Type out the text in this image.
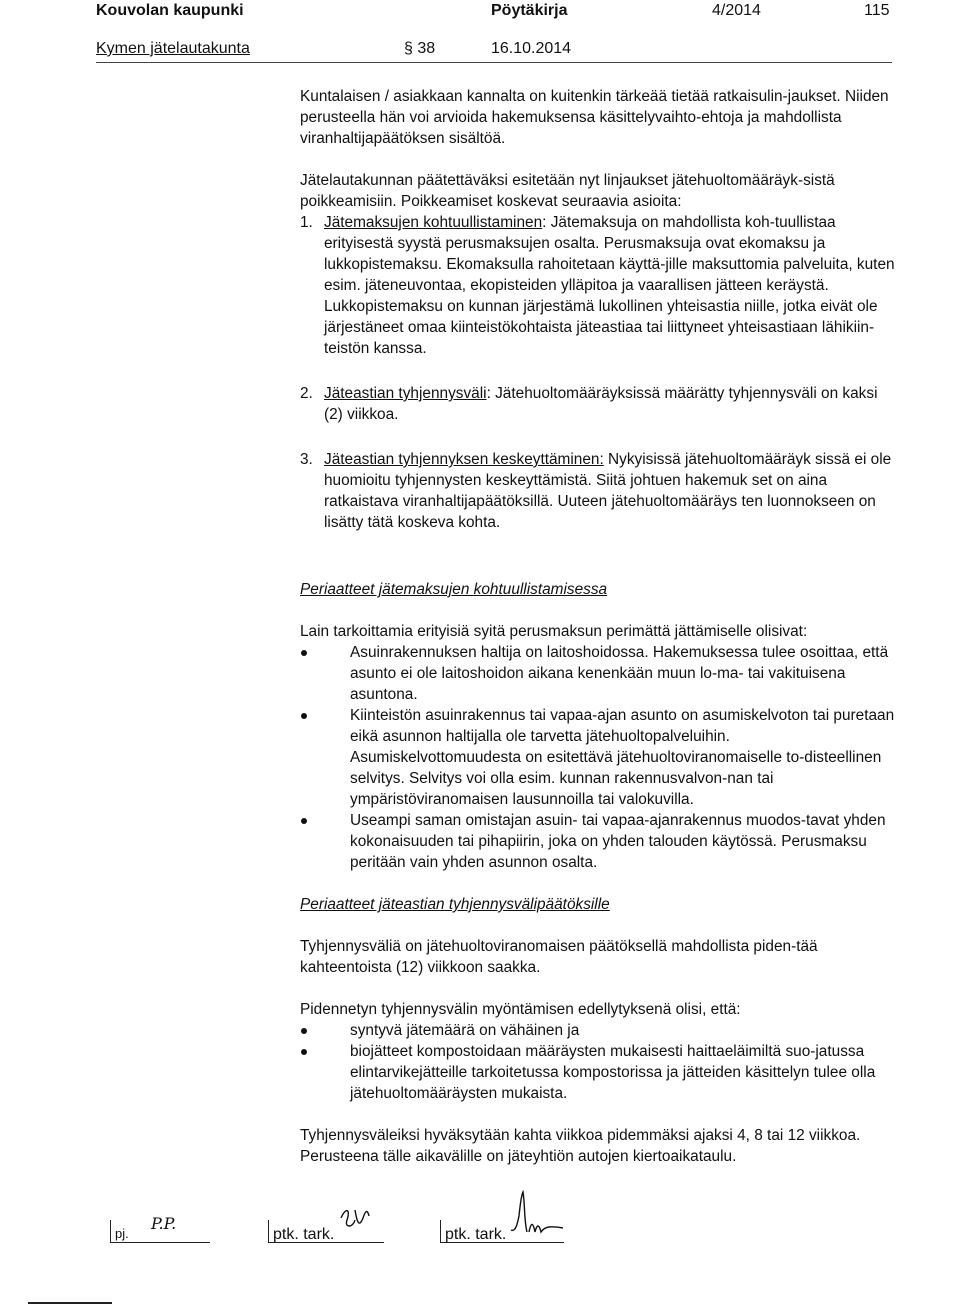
Kouvolan kaupunki	Pöytäkirja	4/2014	115
Kymen jätelautakunta	§ 38	16.10.2014

Kuntalaisen / asiakkaan kannalta on kuitenkin tärkeää tietää ratkaisulin-jaukset. Niiden perusteella hän voi arvioida hakemuksensa käsittelyvaihto-ehtoja ja mahdollista viranhaltijapäätöksen sisältöä.

Jätelautakunnan päätettäväksi esitetään nyt linjaukset jätehuoltomääräyk-sistä poikkeamisiin. Poikkeamiset koskevat seuraavia asioita:

1. Jätemaksujen kohtuullistaminen: Jätemaksuja on mahdollista koh-tuullistaa erityisestä syystä perusmaksujen osalta. Perusmaksuja ovat ekomaksu ja lukkopistemaksu. Ekomaksulla rahoitetaan käyttä-jille maksuttomia palveluita, kuten esim. jäteneuvontaa, ekopisteiden ylläpitoa ja vaarallisen jätteen keräystä. Lukkopistemaksu on kunnan järjestämä lukollinen yhteisastia niille, jotka eivät ole järjestäneet omaa kiinteistökohtaista jäteastiaa tai liittyneet yhteisastiaan lähikiin-teistön kanssa.
2. Jäteastian tyhjennysväli: Jätehuoltomääräyksissä määrätty tyhjennysväli on kaksi (2) viikkoa.
3. Jäteastian tyhjennyksen keskeyttäminen: Nykyisissä jätehuoltomääräyk sissä ei ole huomioitu tyhjennysten keskeyttämistä. Siitä johtuen hakemuk set on aina ratkaistava viranhaltijapäätöksillä. Uuteen jätehuoltomääräys ten luonnokseen on lisätty tätä koskeva kohta.

Periaatteet jätemaksujen kohtuullistamisessa

Lain tarkoittamia erityisiä syitä perusmaksun perimättä jättämiselle olisivat:

Asuinrakennuksen haltija on laitoshoidossa. Hakemuksessa tulee osoittaa, että asunto ei ole laitoshoidon aikana kenenkään muun lo-ma- tai vakituisena asuntona.
Kiinteistön asuinrakennus tai vapaa-ajan asunto on asumiskelvoton tai puretaan eikä asunnon haltijalla ole tarvetta jätehuoltopalveluihin. Asumiskelvottomuudesta on esitettävä jätehuoltoviranomaiselle to-disteellinen selvitys. Selvitys voi olla esim. kunnan rakennusvalvon-nan tai ympäristöviranomaisen lausunnoilla tai valokuvilla.
Useampi saman omistajan asuin- tai vapaa-ajanrakennus muodos-tavat yhden kokonaisuuden tai pihapiirin, joka on yhden talouden käytössä. Perusmaksu peritään vain yhden asunnon osalta.

Periaatteet jäteastian tyhjennysvälipäätöksille

Tyhjennysväliä on jätehuoltoviranomaisen päätöksellä mahdollista piden-tää kahteentoista (12) viikkoon saakka.

Pidennetyn tyhjennysvälin myöntämisen edellytyksenä olisi, että:

syntyvä jätemäärä on vähäinen ja
biojätteet kompostoidaan määräysten mukaisesti haittaeläimiltä suo-jatussa elintarvikejätteille tarkoitetussa kompostorissa ja jätteiden käsittelyn tulee olla jätehuoltomääräysten mukaista.

Tyhjennysväleiksi hyväksytään kahta viikkoa pidemmäksi ajaksi 4, 8 tai 12 viikkoa. Perusteena tälle aikavälille on jäteyhtiön autojen kiertoaikataulu.

pj.
P.P.
ptk. tark.	ptk. tark.
